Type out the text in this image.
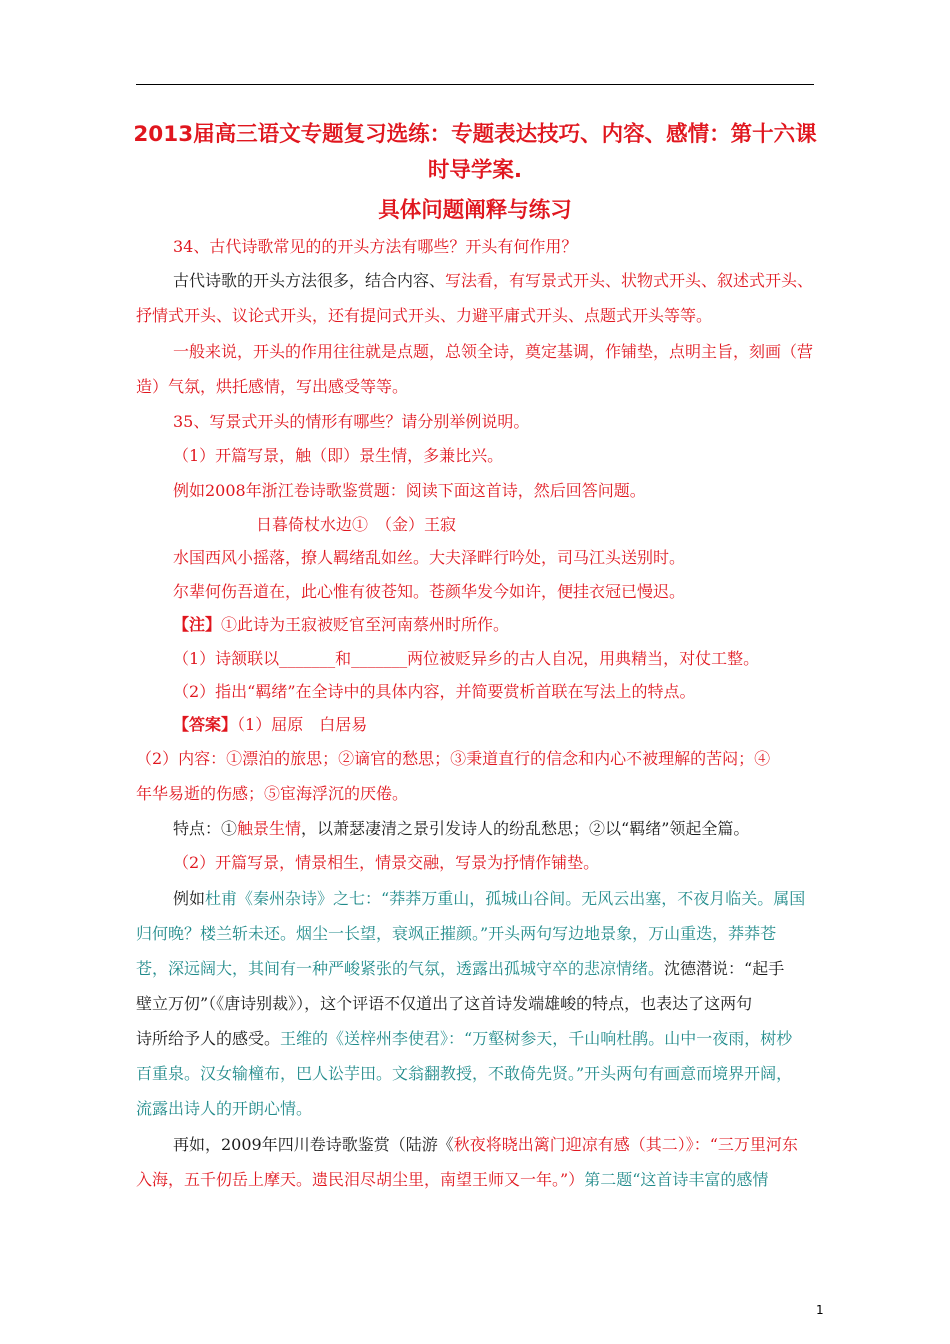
2013届高三语文专题复习选练：专题表达技巧、内容、感情：第十六课
时导学案.
具体问题阐释与练习
34、古代诗歌常见的的开头方法有哪些？开头有何作用？
古代诗歌的开头方法很多，结合内容、写法看，有写景式开头、状物式开头、叙述式开头、
抒情式开头、议论式开头，还有提问式开头、力避平庸式开头、点题式开头等等。
一般来说，开头的作用往往就是点题，总领全诗，奠定基调，作铺垫，点明主旨，刻画（营
造）气氛，烘托感情，写出感受等等。
35、写景式开头的情形有哪些？请分别举例说明。
（1）开篇写景，触（即）景生情，多兼比兴。
例如2008年浙江卷诗歌鉴赏题：阅读下面这首诗，然后回答问题。
日暮倚杖水边①　（金）王寂
水国西风小摇落，撩人羁绪乱如丝。大夫泽畔行吟处，司马江头送别时。
尔辈何伤吾道在，此心惟有彼苍知。苍颜华发今如许，便挂衣冠已慢迟。
【注】①此诗为王寂被贬官至河南蔡州时所作。
（1）诗颔联以_______和_______两位被贬异乡的古人自况，用典精当，对仗工整。
（2）指出“羁绪”在全诗中的具体内容，并简要赏析首联在写法上的特点。
【答案】（1）屈原　白居易
（2）内容：①漂泊的旅思；②谪官的愁思；③秉道直行的信念和内心不被理解的苦闷；④
年华易逝的伤感；⑤宦海浮沉的厌倦。
特点：①触景生情，以萧瑟凄清之景引发诗人的纷乱愁思；②以“羁绪”领起全篇。
（2）开篇写景，情景相生，情景交融，写景为抒情作铺垫。
例如杜甫《秦州杂诗》之七：“莽莽万重山，孤城山谷间。无风云出塞，不夜月临关。属国
归何晚？楼兰斩未还。烟尘一长望，衰飒正摧颜。”开头两句写边地景象，万山重迭，莽莽苍
苍，深远阔大，其间有一种严峻紧张的气氛，透露出孤城守卒的悲凉情绪。沈德潜说：“起手
壁立万仞”（《唐诗别裁》），这个评语不仅道出了这首诗发端雄峻的特点，也表达了这两句
诗所给予人的感受。王维的《送梓州李使君》：“万壑树参天，千山响杜鹃。山中一夜雨，树杪
百重泉。汉女输橦布，巴人讼芋田。文翁翻教授，不敢倚先贤。”开头两句有画意而境界开阔，
流露出诗人的开朗心情。
再如，2009年四川卷诗歌鉴赏（陆游《秋夜将晓出篱门迎凉有感（其二）》：“三万里河东
入海，五千仞岳上摩天。遗民泪尽胡尘里，南望王师又一年。”）第二题“这首诗丰富的感情
1
